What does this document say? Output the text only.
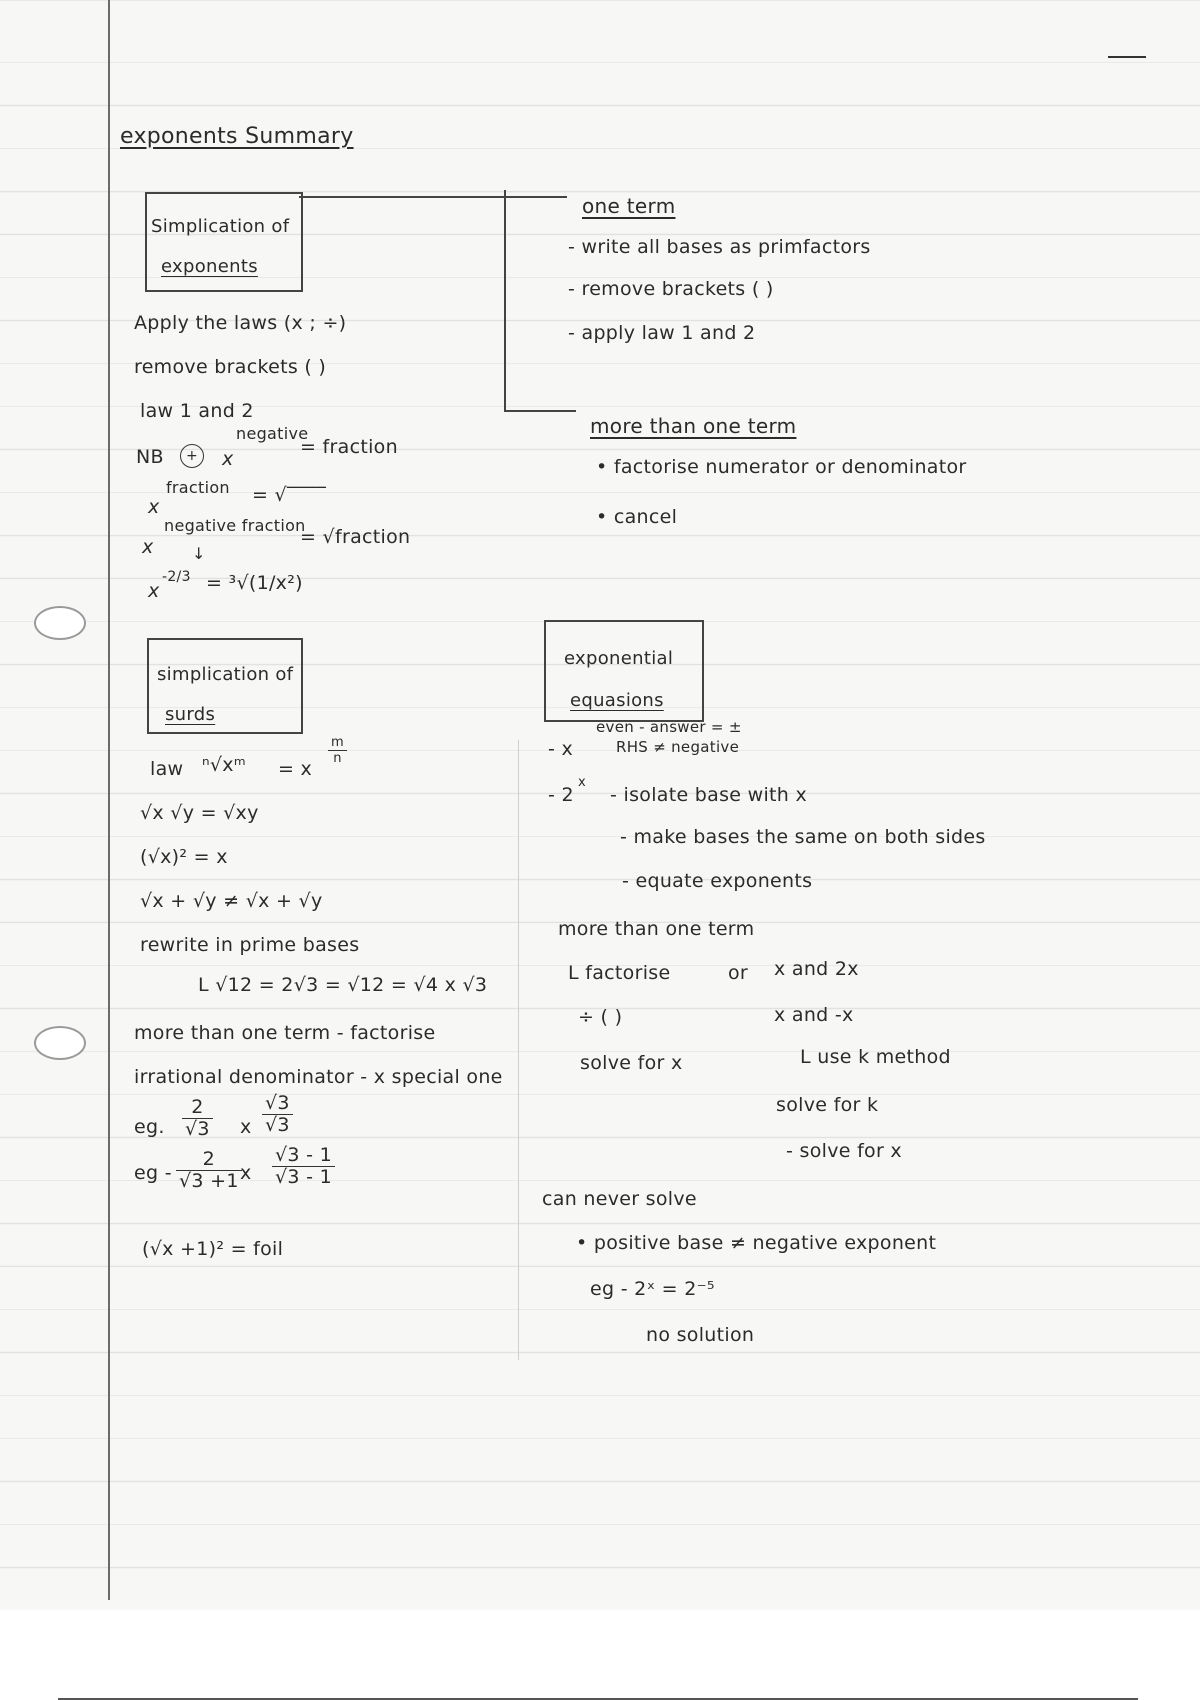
exponents Summary
Simplication of
exponents
one term
- write all bases as primfactors
- remove brackets ( )
- apply law 1 and 2
more than one term
• factorise numerator or denominator
• cancel
Apply the laws (x ; ÷)
remove brackets ( )
law 1 and 2
NB	+	x
negative
= fraction
x
fraction = √‾‾‾‾
x
negative fraction
= √fraction
↓
x
-2/3 = ³√(1/x²)
simplication of
surds
law ⁿ√xᵐ = x
$\frac{m}{n}$
√x √y = √xy
(√x)² = x
√x + √y ≠ √x + √y
rewrite in prime bases
L √12 = 2√3 = √12 = √4 x √3
more than one term - factorise
irrational denominator - x special one
eg. $\frac{2}{√3}$ x $\frac{√3}{√3}$
eg - $\frac{2}{√3 +1}$
x $\frac{√3 - 1}{√3 - 1}$
(√x +1)² = foil
exponential
equasions
- x
even - answer = ±
RHS ≠ negative
- 2
x
- isolate base with x
- make bases the same on both sides
- equate exponents
more than one term
L factorise	or x and 2x
÷ ( )	x and -x
solve for x	L use k method
solve for k
- solve for x
can never solve
• positive base ≠ negative exponent
eg - 2ˣ = 2⁻⁵
no solution
